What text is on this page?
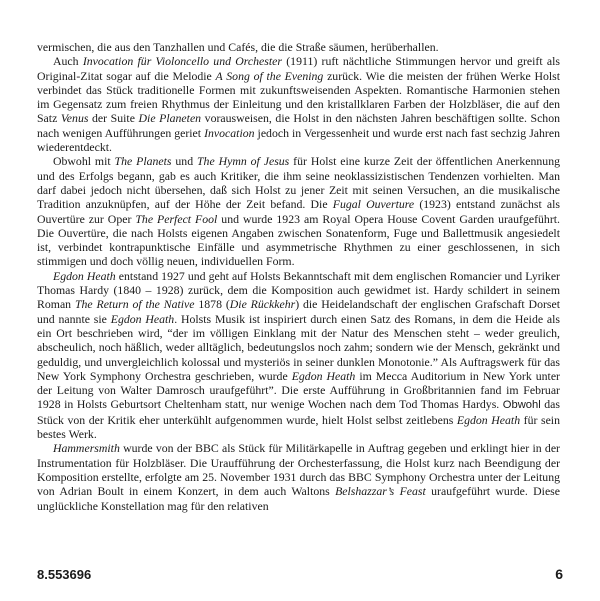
vermischen, die aus den Tanzhallen und Cafés, die die Straße säumen, herüberhallen.

Auch Invocation für Violoncello und Orchester (1911) ruft nächtliche Stimmungen hervor und greift als Original-Zitat sogar auf die Melodie A Song of the Evening zurück. Wie die meisten der frühen Werke Holst verbindet das Stück traditionelle Formen mit zukunftsweisenden Aspekten. Romantische Harmonien stehen im Gegensatz zum freien Rhythmus der Einleitung und den kristallklaren Farben der Holzbläser, die auf den Satz Venus der Suite Die Planeten vorausweisen, die Holst in den nächsten Jahren beschäftigen sollte. Schon nach wenigen Aufführungen geriet Invocation jedoch in Vergessenheit und wurde erst nach fast sechzig Jahren wiederentdeckt.

Obwohl mit The Planets und The Hymn of Jesus für Holst eine kurze Zeit der öffentlichen Anerkennung und des Erfolgs begann, gab es auch Kritiker, die ihm seine neoklassizistischen Tendenzen vorhielten. Man darf dabei jedoch nicht übersehen, daß sich Holst zu jener Zeit mit seinen Versuchen, an die musikalische Tradition anzuknüpfen, auf der Höhe der Zeit befand. Die Fugal Ouverture (1923) entstand zunächst als Ouvertüre zur Oper The Perfect Fool und wurde 1923 am Royal Opera House Covent Garden uraufgeführt. Die Ouvertüre, die nach Holsts eigenen Angaben zwischen Sonatenform, Fuge und Ballettmusik angesiedelt ist, verbindet kontrapunktische Einfälle und asymmetrische Rhythmen zu einer geschlossenen, in sich stimmigen und doch völlig neuen, individuellen Form.

Egdon Heath entstand 1927 und geht auf Holsts Bekanntschaft mit dem englischen Romancier und Lyriker Thomas Hardy (1840 – 1928) zurück, dem die Komposition auch gewidmet ist. Hardy schildert in seinem Roman The Return of the Native 1878 (Die Rückkehr) die Heidelandschaft der englischen Grafschaft Dorset und nannte sie Egdon Heath. Holsts Musik ist inspiriert durch einen Satz des Romans, in dem die Heide als ein Ort beschrieben wird, “der im völligen Einklang mit der Natur des Menschen steht – weder greulich, abscheulich, noch häßlich, weder alltäglich, bedeutungslos noch zahm; sondern wie der Mensch, gekränkt und geduldig, und unvergleichlich kolossal und mysteriös in seiner dunklen Monotonie.” Als Auftragswerk für das New York Symphony Orchestra geschrieben, wurde Egdon Heath im Mecca Auditorium in New York unter der Leitung von Walter Damrosch uraufgeführt”. Die erste Aufführung in Großbritannien fand im Februar 1928 in Holsts Geburtsort Cheltenham statt, nur wenige Wochen nach dem Tod Thomas Hardys. Obwohl das Stück von der Kritik eher unterkühlt aufgenommen wurde, hielt Holst selbst zeitlebens Egdon Heath für sein bestes Werk.

Hammersmith wurde von der BBC als Stück für Militärkapelle in Auftrag gegeben und erklingt hier in der Instrumentation für Holzbläser. Die Uraufführung der Orchesterfassung, die Holst kurz nach Beendigung der Komposition erstellte, erfolgte am 25. November 1931 durch das BBC Symphony Orchestra unter der Leitung von Adrian Boult in einem Konzert, in dem auch Waltons Belshazzar’s Feast uraufgeführt wurde. Diese unglückliche Konstellation mag für den relativen

8.553696	6
